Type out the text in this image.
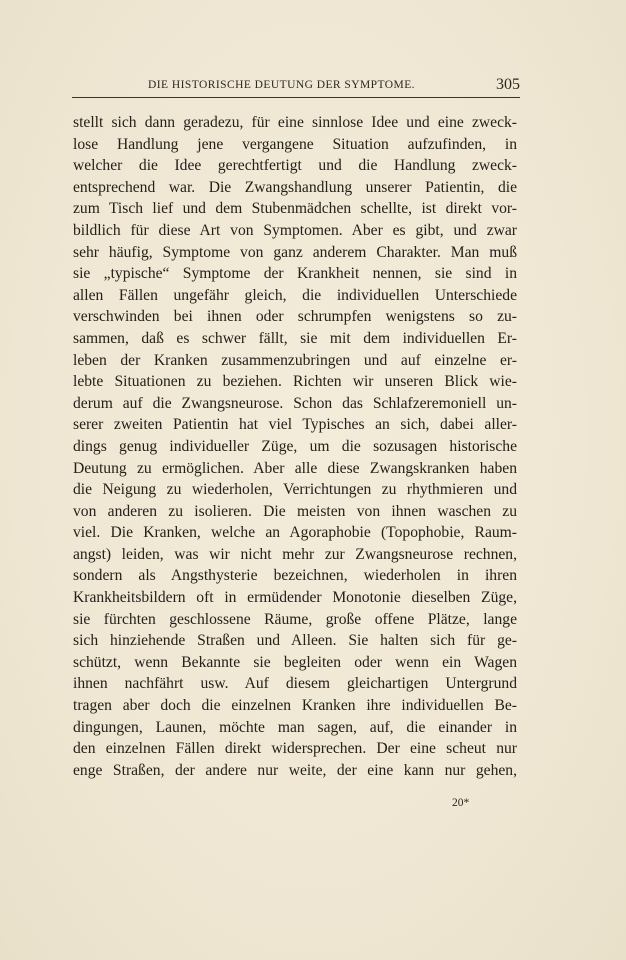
DIE HISTORISCHE DEUTUNG DER SYMPTOME.	305
stellt sich dann geradezu, für eine sinnlose Idee und eine zweck-
lose Handlung jene vergangene Situation aufzufinden, in
welcher die Idee gerechtfertigt und die Handlung zweck-
entsprechend war. Die Zwangshandlung unserer Patientin, die
zum Tisch lief und dem Stubenmädchen schellte, ist direkt vor-
bildlich für diese Art von Symptomen. Aber es gibt, und zwar
sehr häufig, Symptome von ganz anderem Charakter. Man muß
sie „typische“ Symptome der Krankheit nennen, sie sind in
allen Fällen ungefähr gleich, die individuellen Unterschiede
verschwinden bei ihnen oder schrumpfen wenigstens so zu-
sammen, daß es schwer fällt, sie mit dem individuellen Er-
leben der Kranken zusammenzubringen und auf einzelne er-
lebte Situationen zu beziehen. Richten wir unseren Blick wie-
derum auf die Zwangsneurose. Schon das Schlafzeremoniell un-
serer zweiten Patientin hat viel Typisches an sich, dabei aller-
dings genug individueller Züge, um die sozusagen historische
Deutung zu ermöglichen. Aber alle diese Zwangskranken haben
die Neigung zu wiederholen, Verrichtungen zu rhythmieren und
von anderen zu isolieren. Die meisten von ihnen waschen zu
viel. Die Kranken, welche an Agoraphobie (Topophobie, Raum-
angst) leiden, was wir nicht mehr zur Zwangsneurose rechnen,
sondern als Angsthysterie bezeichnen, wiederholen in ihren
Krankheitsbildern oft in ermüdender Monotonie dieselben Züge,
sie fürchten geschlossene Räume, große offene Plätze, lange
sich hinziehende Straßen und Alleen. Sie halten sich für ge-
schützt, wenn Bekannte sie begleiten oder wenn ein Wagen
ihnen nachfährt usw. Auf diesem gleichartigen Untergrund
tragen aber doch die einzelnen Kranken ihre individuellen Be-
dingungen, Launen, möchte man sagen, auf, die einander in
den einzelnen Fällen direkt widersprechen. Der eine scheut nur
enge Straßen, der andere nur weite, der eine kann nur gehen,
20*
